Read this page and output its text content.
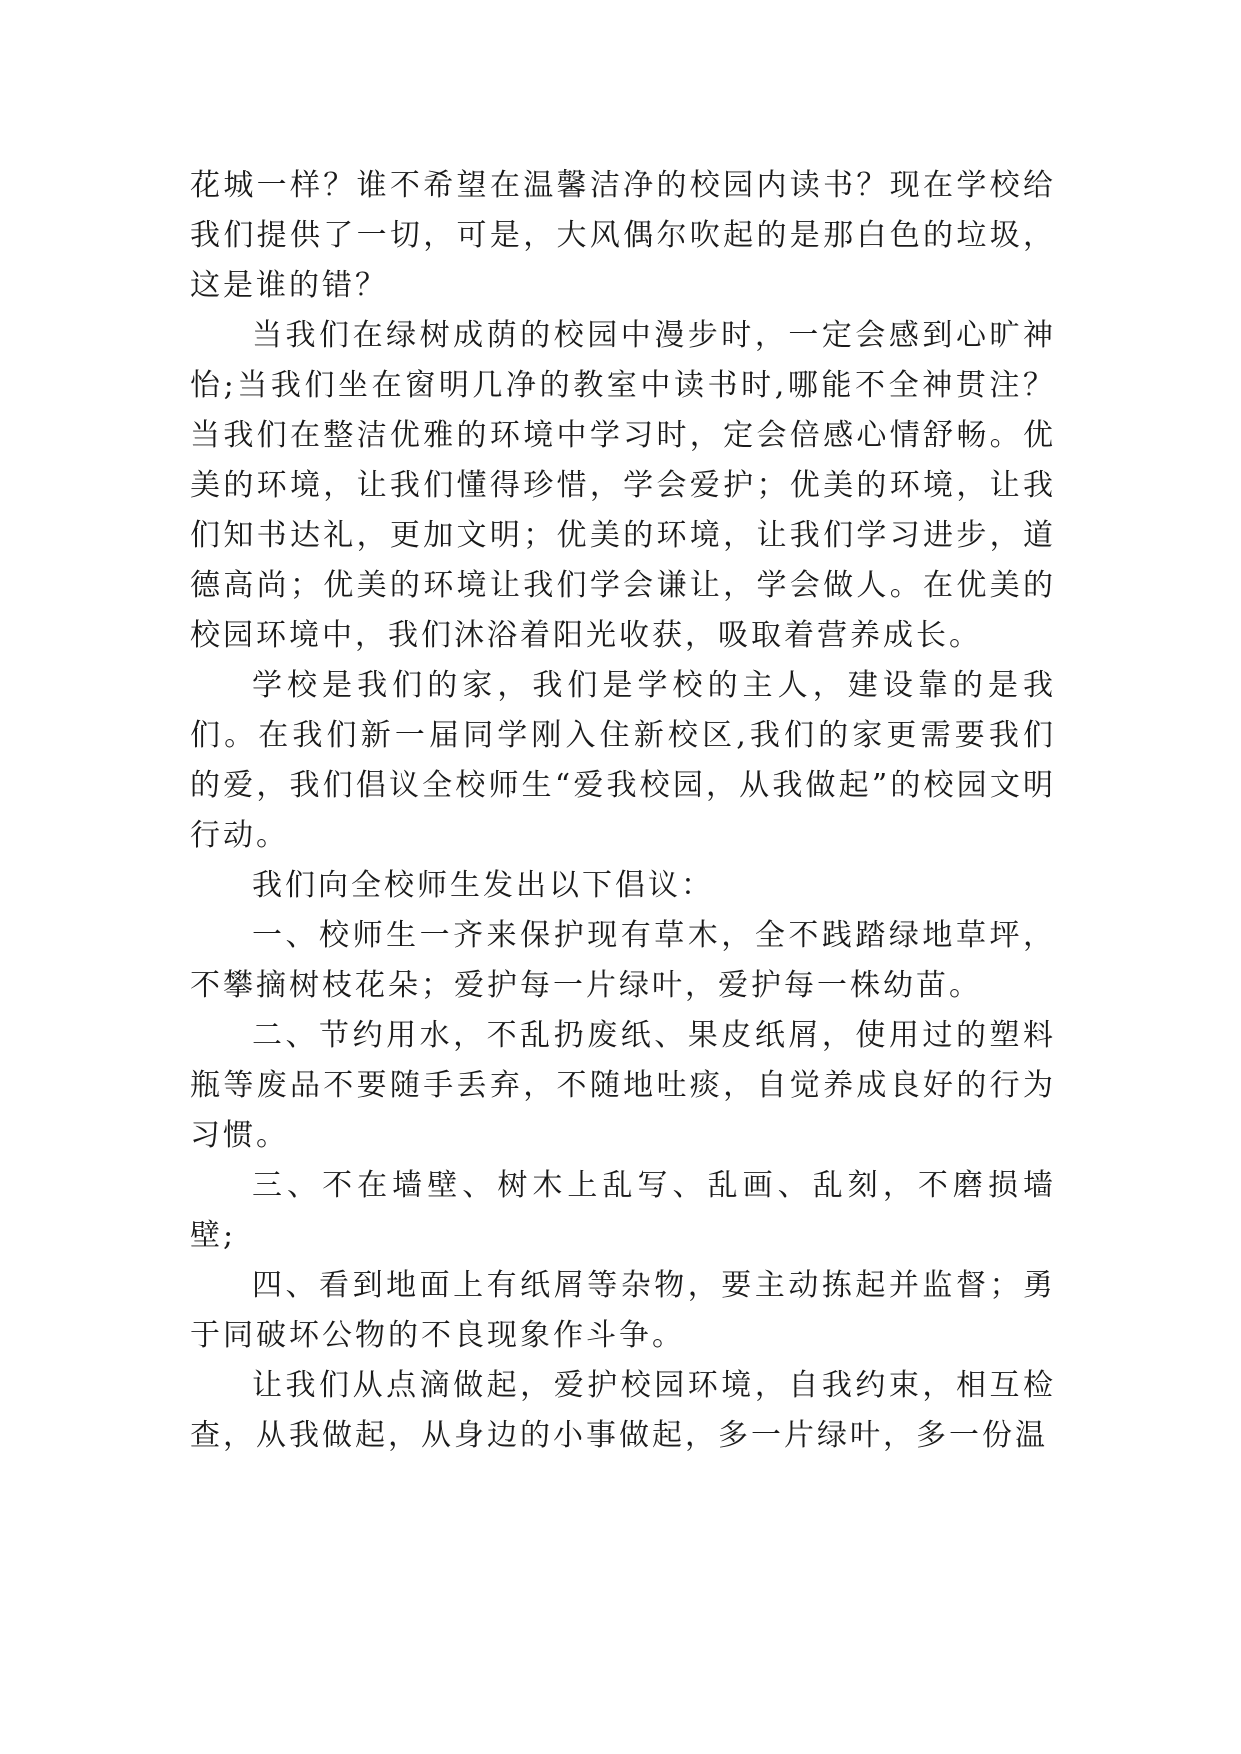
花城一样？谁不希望在温馨洁净的校园内读书？现在学校给我们提供了一切，可是，大风偶尔吹起的是那白色的垃圾，这是谁的错？

当我们在绿树成荫的校园中漫步时，一定会感到心旷神怡;当我们坐在窗明几净的教室中读书时,哪能不全神贯注？当我们在整洁优雅的环境中学习时，定会倍感心情舒畅。优美的环境，让我们懂得珍惜，学会爱护；优美的环境，让我们知书达礼，更加文明；优美的环境，让我们学习进步，道德高尚；优美的环境让我们学会谦让，学会做人。在优美的校园环境中，我们沐浴着阳光收获，吸取着营养成长。

学校是我们的家，我们是学校的主人，建设靠的是我们。在我们新一届同学刚入住新校区,我们的家更需要我们的爱，我们倡议全校师生“爱我校园，从我做起”的校园文明行动。

我们向全校师生发出以下倡议：

一、校师生一齐来保护现有草木，全不践踏绿地草坪，不攀摘树枝花朵；爱护每一片绿叶，爱护每一株幼苗。

二、节约用水，不乱扔废纸、果皮纸屑，使用过的塑料瓶等废品不要随手丢弃，不随地吐痰，自觉养成良好的行为习惯。

三、不在墙壁、树木上乱写、乱画、乱刻，不磨损墙壁;

四、看到地面上有纸屑等杂物，要主动拣起并监督；勇于同破坏公物的不良现象作斗争。

让我们从点滴做起，爱护校园环境，自我约束，相互检查，从我做起，从身边的小事做起，多一片绿叶，多一份温
